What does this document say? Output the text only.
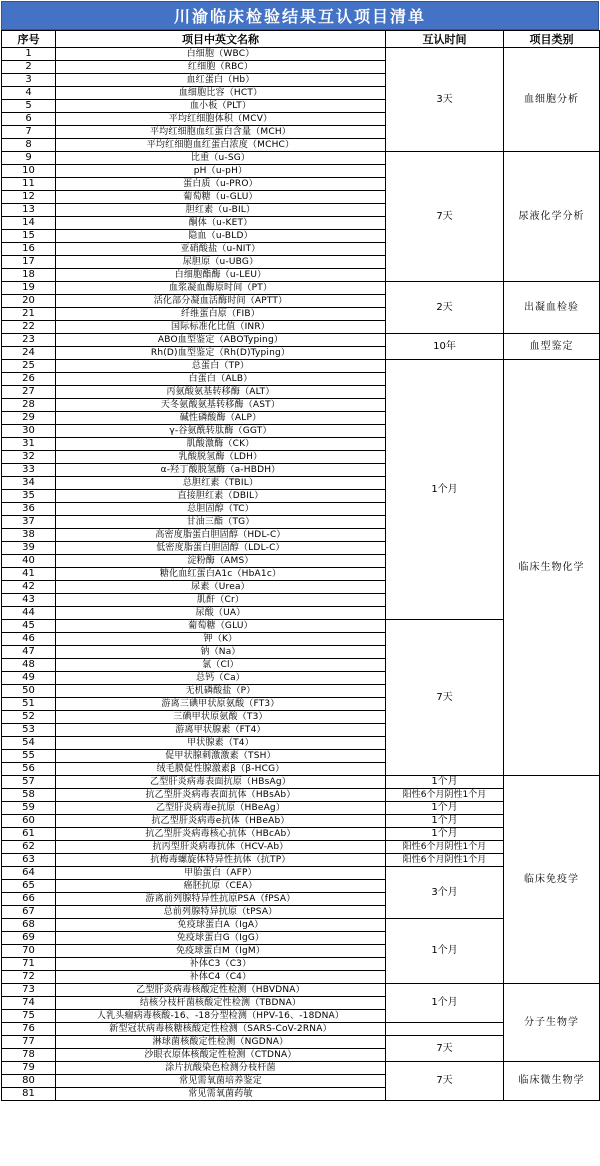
川渝临床检验结果互认项目清单
序号	项目中英文名称	互认时间	项目类别
1	白细胞（WBC）	3天	血细胞分析
2	红细胞（RBC）		
3	血红蛋白（Hb）		
4	血细胞比容（HCT）		
5	血小板（PLT）		
6	平均红细胞体积（MCV）		
7	平均红细胞血红蛋白含量（MCH）		
8	平均红细胞血红蛋白浓度（MCHC）		
9	比重（u-SG）	7天	尿液化学分析
10	pH（u-pH）		
11	蛋白质（u-PRO）		
12	葡萄糖（u-GLU）		
13	胆红素（u-BIL）		
14	酮体（u-KET）		
15	隐血（u-BLD）		
16	亚硝酸盐（u-NIT）		
17	尿胆原（u-UBG）		
18	白细胞酯酶（u-LEU）		
19	血浆凝血酶原时间（PT）	2天	出凝血检验
20	活化部分凝血活酶时间（APTT）		
21	纤维蛋白原（FIB）		
22	国际标准化比值（INR）		
23	ABO血型鉴定（ABOTyping）	10年	血型鉴定
24	Rh(D)血型鉴定（Rh(D)Typing）		
25	总蛋白（TP）	1个月	临床生物化学
26	白蛋白（ALB）		
27	丙氨酸氨基转移酶（ALT）		
28	天冬氨酸氨基转移酶（AST）		
29	碱性磷酸酶（ALP）		
30	γ-谷氨酰转肽酶（GGT）		
31	肌酸激酶（CK）		
32	乳酸脱氢酶（LDH）		
33	α-羟丁酸脱氢酶（a-HBDH）		
34	总胆红素（TBIL）		
35	直接胆红素（DBIL）		
36	总胆固醇（TC）		
37	甘油三酯（TG）		
38	高密度脂蛋白胆固醇（HDL-C）		
39	低密度脂蛋白胆固醇（LDL-C）		
40	淀粉酶（AMS）		
41	糖化血红蛋白A1c（HbA1c）		
42	尿素（Urea）		
43	肌酐（Cr）		
44	尿酸（UA）		
45	葡萄糖（GLU）	7天	
46	钾（K）		
47	钠（Na）		
48	氯（Cl）		
49	总钙（Ca）		
50	无机磷酸盐（P）		
51	游离三碘甲状原氨酸（FT3）		
52	三碘甲状原氨酸（T3）		
53	游离甲状腺素（FT4）		
54	甲状腺素（T4）		
55	促甲状腺刺激激素（TSH）		
56	绒毛膜促性腺激素β（β-HCG）		
57	乙型肝炎病毒表面抗原（HBsAg）	1个月	临床免疫学
58	抗乙型肝炎病毒表面抗体（HBsAb）	阳性6个月阴性1个月	
59	乙型肝炎病毒e抗原（HBeAg）	1个月	
60	抗乙型肝炎病毒e抗体（HBeAb）	1个月	
61	抗乙型肝炎病毒核心抗体（HBcAb）	1个月	
62	抗丙型肝炎病毒抗体（HCV-Ab）	阳性6个月阴性1个月	
63	抗梅毒螺旋体特异性抗体（抗TP）	阳性6个月阴性1个月	
64	甲胎蛋白（AFP）	3个月	
65	癌胚抗原（CEA）		
66	游离前列腺特异性抗原PSA（fPSA）		
67	总前列腺特异抗原（tPSA）		
68	免疫球蛋白A（IgA）	1个月	
69	免疫球蛋白G（IgG）		
70	免疫球蛋白M（IgM）		
71	补体C3（C3）		
72	补体C4（C4）		
73	乙型肝炎病毒核酸定性检测（HBVDNA）	1个月	分子生物学
74	结核分枝杆菌核酸定性检测（TBDNA）		
75	人乳头瘤病毒核酸-16、-18分型检测（HPV-16、-18DNA）		
76	新型冠状病毒核糖核酸定性检测（SARS-CoV-2RNA）		
77	淋球菌核酸定性检测（NGDNA）	7天	
78	沙眼衣原体核酸定性检测（CTDNA）		
79	涂片抗酸染色检测分枝杆菌	7天	临床微生物学
80	常见需氧菌培养鉴定		
81	常见需氧菌药敏		
